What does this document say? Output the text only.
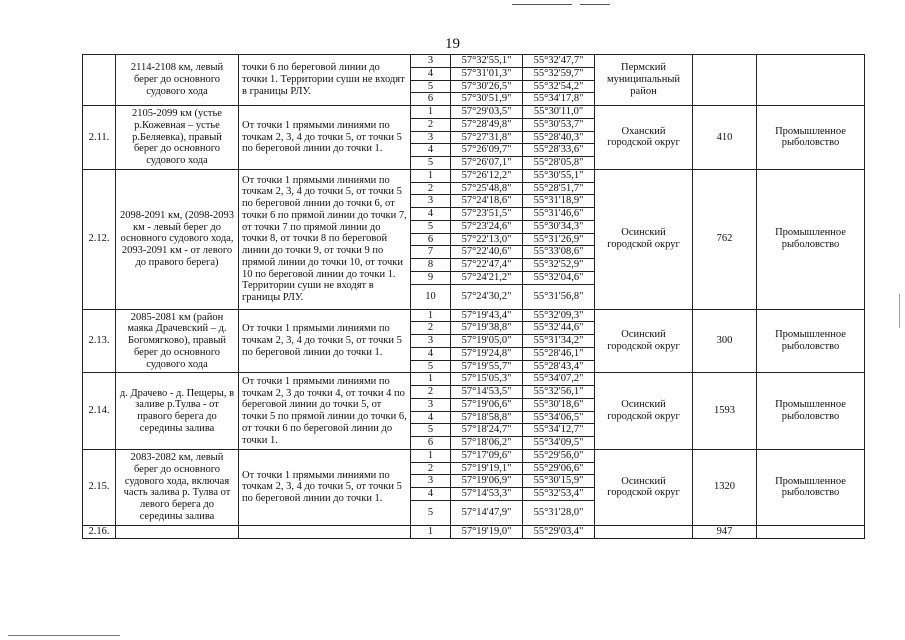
19
	2114-2108 км, левый берег до основного судового хода	точки 6 по береговой линии до точки 1. Территории суши не входят в границы РЛУ.	3	57°32'55,1"	55°32'47,7"	Пермский муниципальный район		
			4	57°31'01,3"	55°32'59,7"			
			5	57°30'26,5"	55°32'54,2"			
			6	57°30'51,9"	55°34'17,8"			
2.11.	2105-2099 км (устье р.Кожевная – устье р.Беляевка), правый берег до основного судового хода	От точки 1 прямыми линиями по точкам 2, 3, 4 до точки 5, от точки 5 по береговой линии до точки 1.	1	57°29'03,5"	55°30'11,0"	Оханский городской округ	410	Промышленное рыболовство
			2	57°28'49,8"	55°30'53,7"			
			3	57°27'31,8"	55°28'40,3"			
			4	57°26'09,7"	55°28'33,6"			
			5	57°26'07,1"	55°28'05,8"			
2.12.	2098-2091 км, (2098-2093 км - левый берег до основного судового хода, 2093-2091 км - от левого до правого берега)	От точки 1 прямыми линиями по точкам 2, 3, 4 до точки 5, от точки 5 по береговой линии до точки 6, от точки 6 по прямой линии до точки 7, от точки 7 по прямой линии до точки 8, от точки 8 по береговой линии до точки 9, от точки 9 по прямой линии до точки 10, от точки 10 по береговой линии до точки 1. Территории суши не входят в границы РЛУ.	1	57°26'12,2"	55°30'55,1"	Осинский городской округ	762	Промышленное рыболовство
			2	57°25'48,8"	55°28'51,7"			
			3	57°24'18,6"	55°31'18,9"			
			4	57°23'51,5"	55°31'46,6"			
			5	57°23'24,6"	55°30'34,3"			
			6	57°22'13,0"	55°31'26,9"			
			7	57°22'40,6"	55°33'08,6"			
			8	57°22'47,4"	55°32'52,9"			
			9	57°24'21,2"	55°32'04,6"			
			10	57°24'30,2"	55°31'56,8"			
2.13.	2085-2081 км (район маяка Драчевский – д. Богомягково), правый берег до основного судового хода	От точки 1 прямыми линиями по точкам 2, 3, 4 до точки 5, от точки 5 по береговой линии до точки 1.	1	57°19'43,4"	55°32'09,3"	Осинский городской округ	300	Промышленное рыболовство
			2	57°19'38,8"	55°32'44,6"			
			3	57°19'05,0"	55°31'34,2"			
			4	57°19'24,8"	55°28'46,1"			
			5	57°19'55,7"	55°28'43,4"			
2.14.	д. Драчево - д. Пещеры, в заливе р.Тулва - от правого берега до середины залива	От точки 1 прямыми линиями по точкам 2, 3 до точки 4, от точки 4 по береговой линии до точки 5, от точки 5 по прямой линии до точки 6, от точки 6 по береговой линии до точки 1.	1	57°15'05,3"	55°34'07,2"	Осинский городской округ	1593	Промышленное рыболовство
			2	57°14'53,5"	55°32'56,1"			
			3	57°19'06,6"	55°30'18,6"			
			4	57°18'58,8"	55°34'06,5"			
			5	57°18'24,7"	55°34'12,7"			
			6	57°18'06,2"	55°34'09,5"			
2.15.	2083-2082 км, левый берег до основного судового хода, включая часть залива р. Тулва от левого берега до середины залива	От точки 1 прямыми линиями по точкам 2, 3, 4 до точки 5, от точки 5 по береговой линии до точки 1.	1	57°17'09,6"	55°29'56,0"	Осинский городской округ	1320	Промышленное рыболовство
			2	57°19'19,1"	55°29'06,6"			
			3	57°19'06,9"	55°30'15,9"			
			4	57°14'53,3"	55°32'53,4"			
			5	57°14'47,9"	55°31'28,0"			
2.16.			1	57°19'19,0"	55°29'03,4"		947	
